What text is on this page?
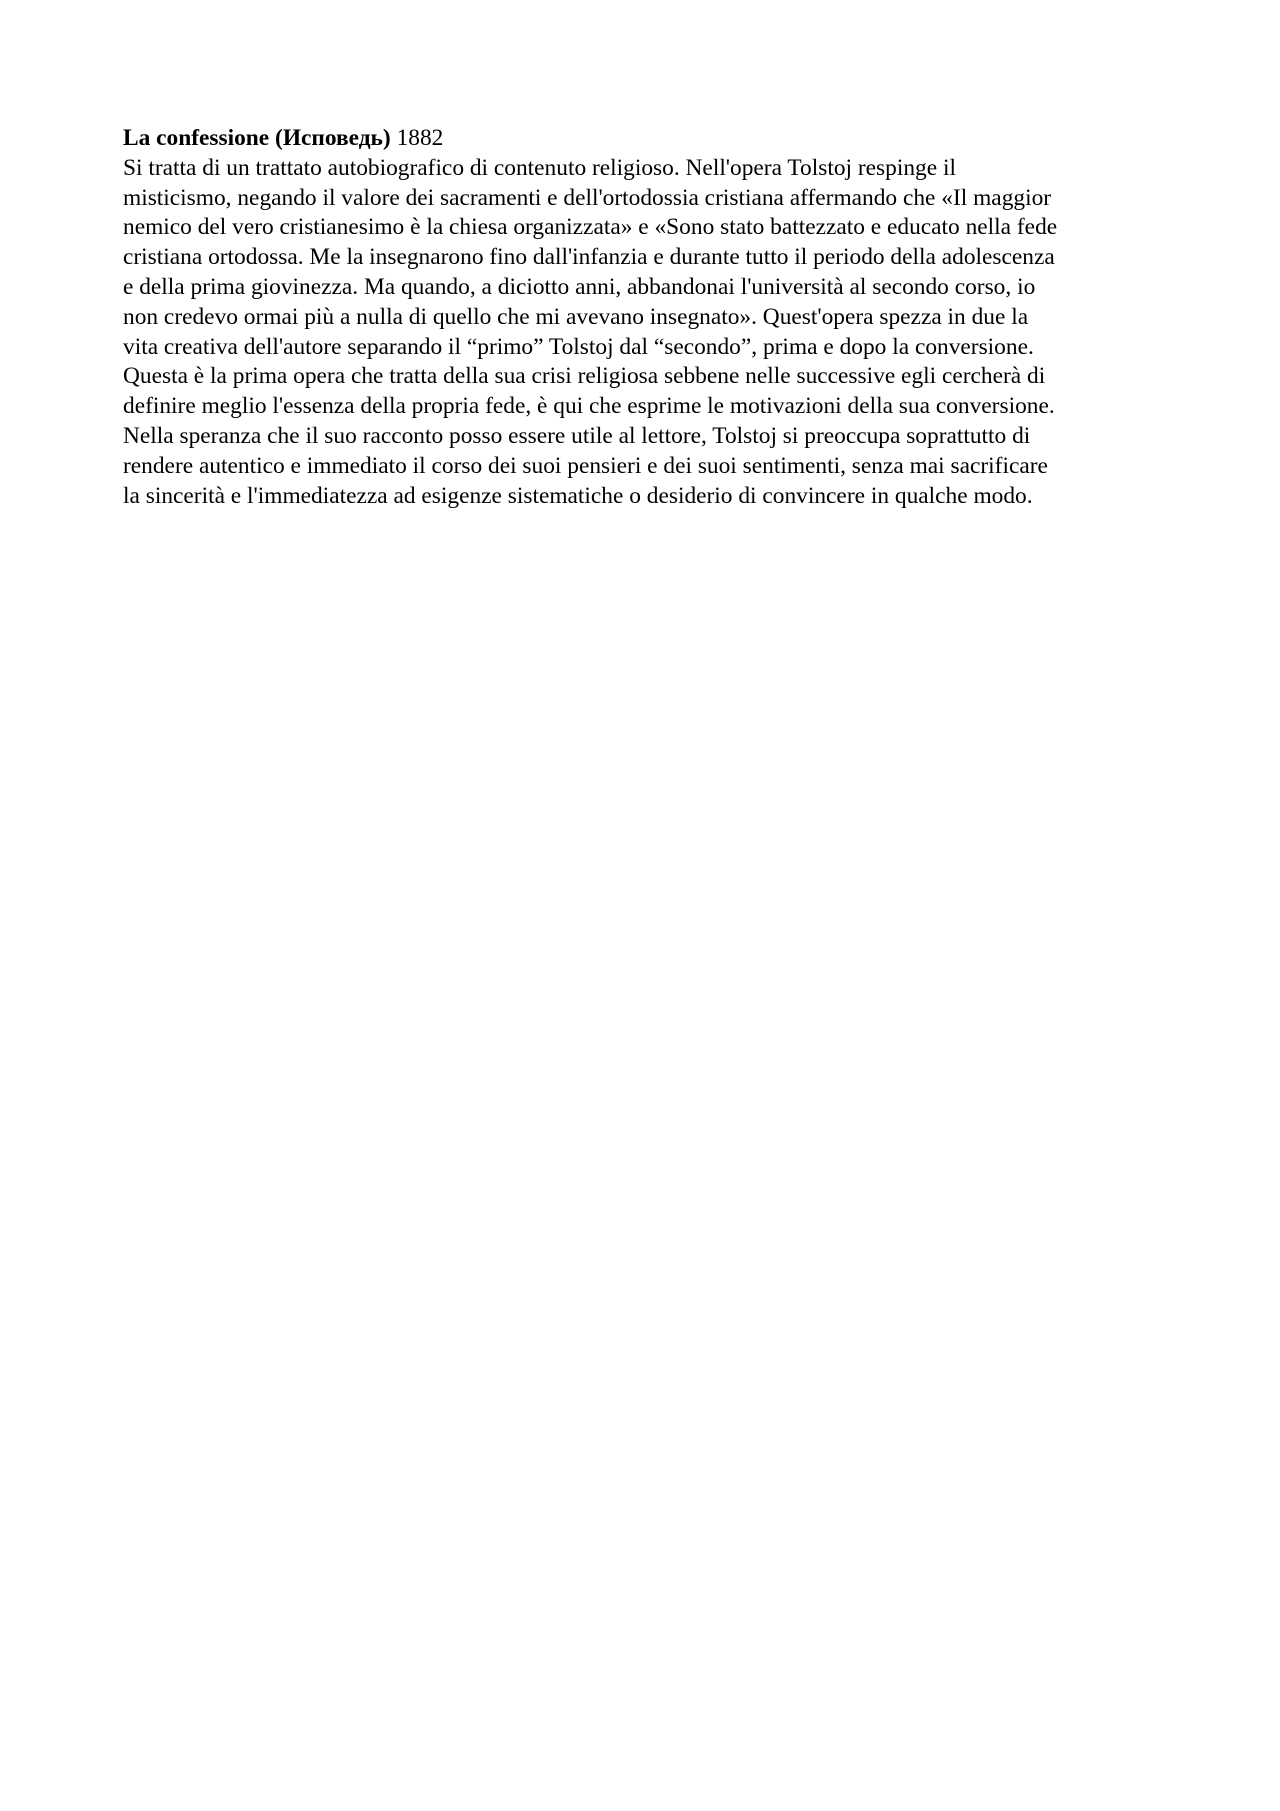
La confessione (Исповедь) 1882

Si tratta di un trattato autobiografico di contenuto religioso. Nell'opera Tolstoj respinge il
misticismo, negando il valore dei sacramenti e dell'ortodossia cristiana affermando che «Il maggior
nemico del vero cristianesimo è la chiesa organizzata» e «Sono stato battezzato e educato nella fede
cristiana ortodossa. Me la insegnarono fino dall'infanzia e durante tutto il periodo della adolescenza
e della prima giovinezza. Ma quando, a diciotto anni, abbandonai l'università al secondo corso, io
non credevo ormai più a nulla di quello che mi avevano insegnato». Quest'opera spezza in due la
vita creativa dell'autore separando il “primo” Tolstoj dal “secondo”, prima e dopo la conversione.
Questa è la prima opera che tratta della sua crisi religiosa sebbene nelle successive egli cercherà di
definire meglio l'essenza della propria fede, è qui che esprime le motivazioni della sua conversione.
Nella speranza che il suo racconto posso essere utile al lettore, Tolstoj si preoccupa soprattutto di
rendere autentico e immediato il corso dei suoi pensieri e dei suoi sentimenti, senza mai sacrificare
la sincerità e l'immediatezza ad esigenze sistematiche o desiderio di convincere in qualche modo.
